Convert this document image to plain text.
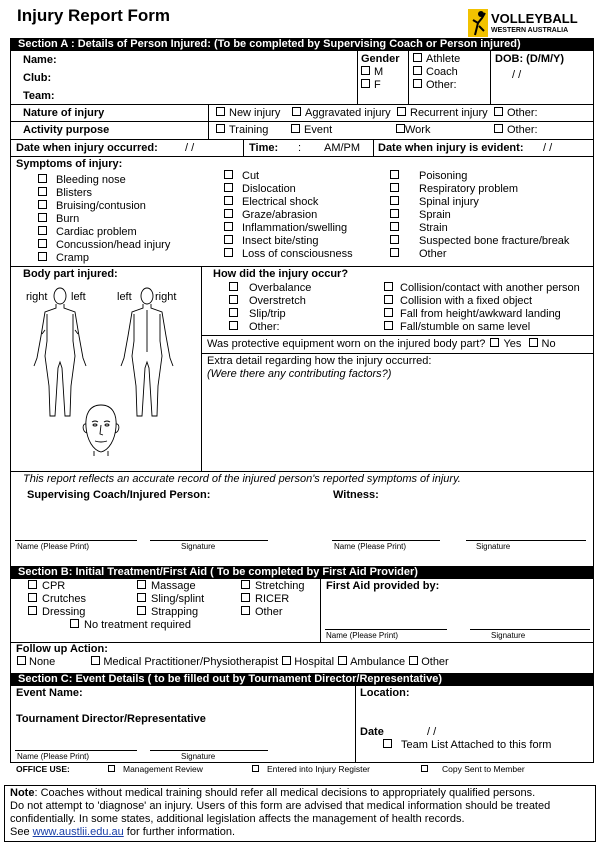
Injury Report Form	VOLLEYBALL
WESTERN AUSTRALIA
Section A : Details of Person Injured: (To be completed by Supervising Coach or Person injured)
Name:
Club:
Team:
Gender
M
F
Athlete
Coach
Other:
DOB: (D/M/Y)
/ /
Nature of injury	New injury	Aggravated injury	Recurrent injury	Other:
Activity purpose	Training	Event	Work	Other:
Date when injury occurred: / /	Time: : AM/PM Date when injury is evident: / /
Symptoms of injury:
Bleeding nose
Blisters
Bruising/contusion
Burn
Cardiac problem
Concussion/head injury
Cramp
Cut
Dislocation
Electrical shock
Graze/abrasion
Inflammation/swelling
Insect bite/sting
Loss of consciousness
Poisoning
Respiratory problem
Spinal injury
Sprain
Strain
Suspected bone fracture/break
Other
Body part injured:
right left	left right
How did the injury occur?
Overbalance
Overstretch
Slip/trip
Other:
Collision/contact with another person
Collision with a fixed object
Fall from height/awkward landing
Fall/stumble on same level
Was protective equipment worn on the injured body part? Yes No
Extra detail regarding how the injury occurred:
(Were there any contributing factors?)
This report reflects an accurate record of the injured person's reported symptoms of injury.
Supervising Coach/Injured Person:	Witness:
Name (Please Print)	Signature	Name (Please Print)	Signature
Section B: Initial Treatment/First Aid ( To be completed by First Aid Provider)
CPR
Crutches
Dressing
Massage
Sling/splint
Strapping
Stretching
RICER
Other
No treatment required
First Aid provided by:
Name (Please Print)	Signature
Follow up Action:
None	Medical Practitioner/Physiotherapist Hospital Ambulance Other
Section C: Event Details ( to be filled out by Tournament Director/Representative)
Event Name:
Tournament Director/Representative
Location:
Date	/ /
Team List Attached to this form
Name (Please Print)	Signature
OFFICE USE:	Management Review	Entered into Injury Register	Copy Sent to Member
Note: Coaches without medical training should refer all medical decisions to appropriately qualified persons.
Do not attempt to 'diagnose' an injury. Users of this form are advised that medical information should be treated
confidentially. In some states, additional legislation affects the management of health records.
See www.austlii.edu.au for further information.
